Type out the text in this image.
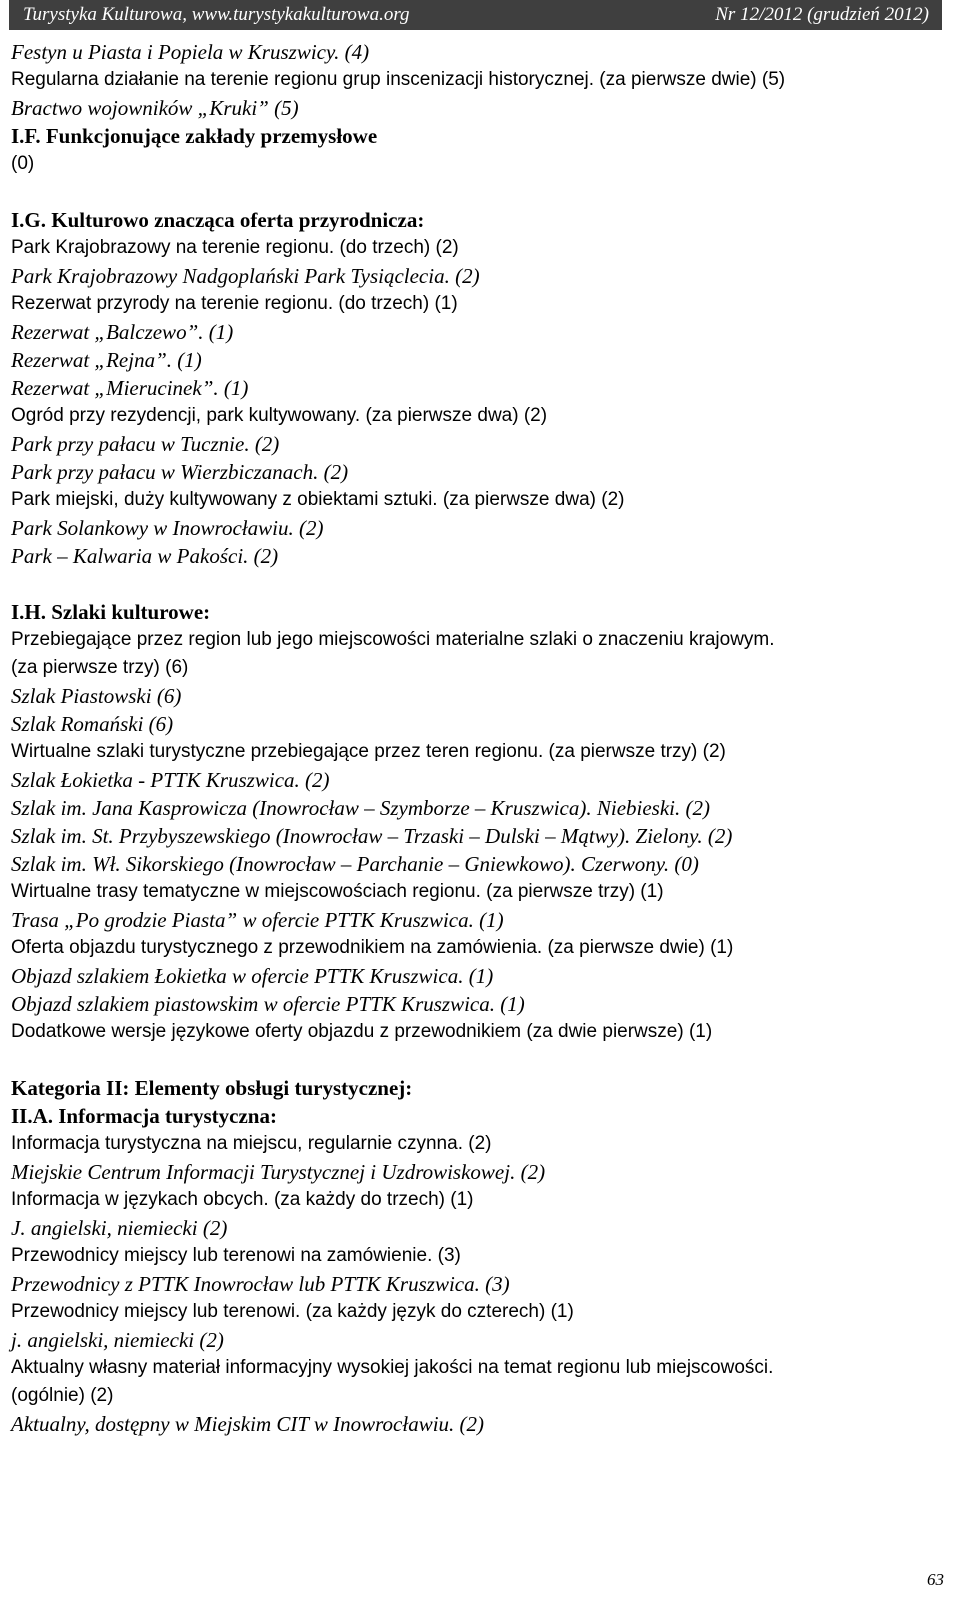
Turystyka Kulturowa, www.turystykakulturowa.org	Nr 12/2012 (grudzień 2012)
Festyn u Piasta i Popiela w Kruszwicy. (4)
Regularna działanie na terenie regionu grup inscenizacji historycznej. (za pierwsze dwie) (5)
Bractwo wojowników „Kruki” (5)
I.F. Funkcjonujące zakłady przemysłowe
(0)
I.G. Kulturowo znacząca oferta przyrodnicza:
Park Krajobrazowy na terenie regionu. (do trzech) (2)
Park Krajobrazowy Nadgoplański Park Tysiąclecia. (2)
Rezerwat przyrody na terenie regionu. (do trzech) (1)
Rezerwat „Balczewo”. (1)
Rezerwat „Rejna”. (1)
Rezerwat „Mierucinek”. (1)
Ogród przy rezydencji, park kultywowany. (za pierwsze dwa) (2)
Park przy pałacu w Tucznie. (2)
Park przy pałacu w Wierzbiczanach. (2)
Park miejski, duży kultywowany z obiektami sztuki. (za pierwsze dwa) (2)
Park Solankowy w Inowrocławiu. (2)
Park – Kalwaria w Pakości. (2)
I.H. Szlaki kulturowe:
Przebiegające przez region lub jego miejscowości materialne szlaki o znaczeniu krajowym.
(za pierwsze trzy) (6)
Szlak Piastowski (6)
Szlak Romański (6)
Wirtualne szlaki turystyczne przebiegające przez teren regionu. (za pierwsze trzy) (2)
Szlak Łokietka - PTTK Kruszwica. (2)
Szlak im. Jana Kasprowicza (Inowrocław – Szymborze – Kruszwica). Niebieski. (2)
Szlak im. St. Przybyszewskiego (Inowrocław – Trzaski – Dulski – Mątwy). Zielony. (2)
Szlak im. Wł. Sikorskiego (Inowrocław – Parchanie – Gniewkowo). Czerwony. (0)
Wirtualne trasy tematyczne w miejscowościach regionu. (za pierwsze trzy) (1)
Trasa „Po grodzie Piasta” w ofercie PTTK Kruszwica. (1)
Oferta objazdu turystycznego z przewodnikiem na zamówienia. (za pierwsze dwie) (1)
Objazd szlakiem Łokietka w ofercie PTTK Kruszwica. (1)
Objazd szlakiem piastowskim w ofercie PTTK Kruszwica. (1)
Dodatkowe wersje językowe oferty objazdu z przewodnikiem (za dwie pierwsze) (1)
Kategoria II: Elementy obsługi turystycznej:
II.A. Informacja turystyczna:
Informacja turystyczna na miejscu, regularnie czynna. (2)
Miejskie Centrum Informacji Turystycznej i Uzdrowiskowej. (2)
Informacja w językach obcych. (za każdy do trzech) (1)
J. angielski, niemiecki (2)
Przewodnicy miejscy lub terenowi na zamówienie. (3)
Przewodnicy z PTTK Inowrocław lub PTTK Kruszwica. (3)
Przewodnicy miejscy lub terenowi. (za każdy język do czterech) (1)
j. angielski, niemiecki (2)
Aktualny własny materiał informacyjny wysokiej jakości na temat regionu lub miejscowości.
(ogólnie) (2)
Aktualny, dostępny w Miejskim CIT w Inowrocławiu. (2)
63
